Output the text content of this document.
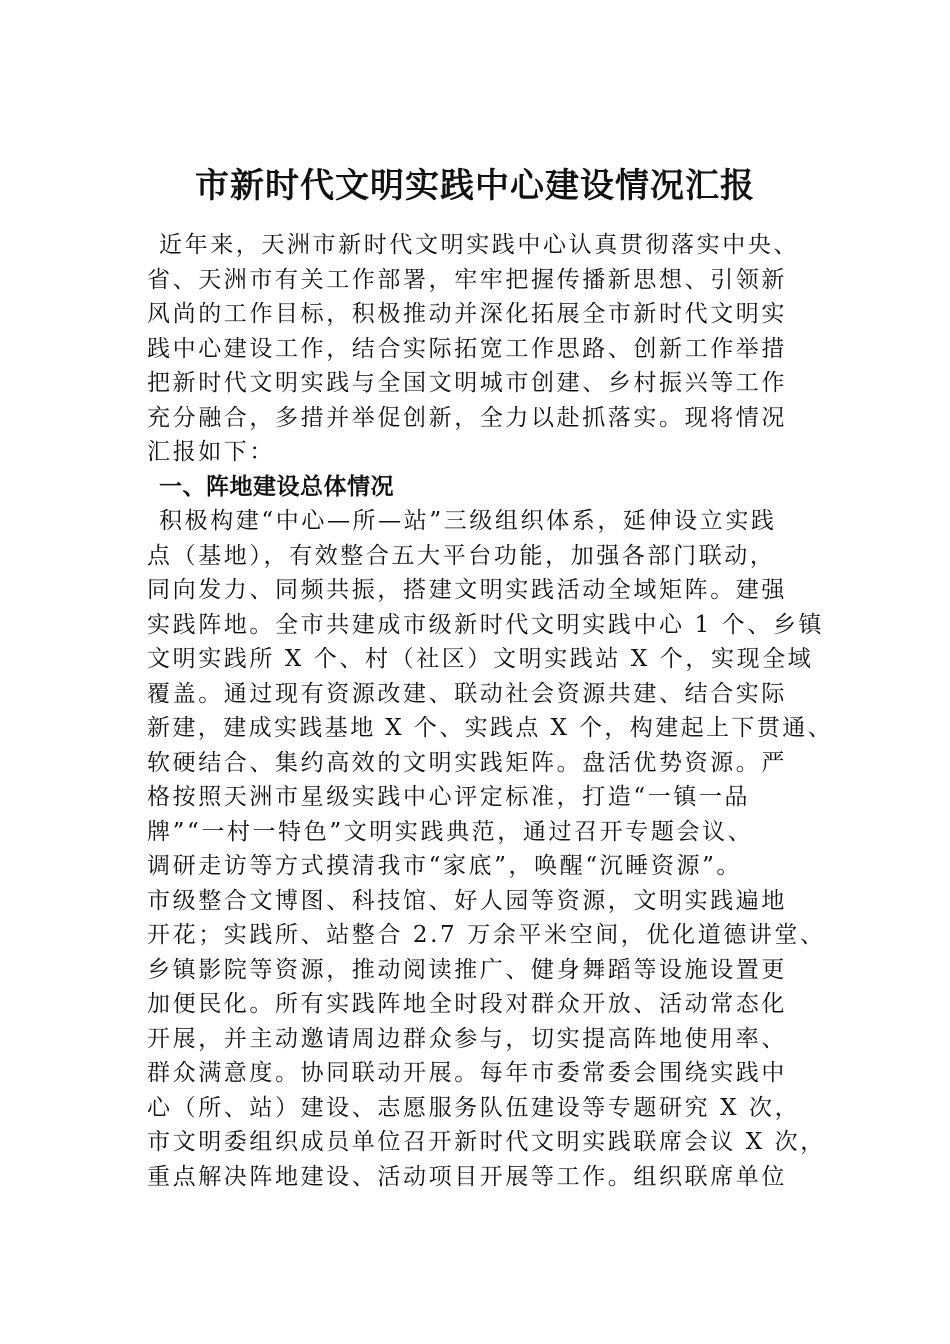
市新时代文明实践中心建设情况汇报
近年来，天洲市新时代文明实践中心认真贯彻落实中央、
省、天洲市有关工作部署，牢牢把握传播新思想、引领新
风尚的工作目标，积极推动并深化拓展全市新时代文明实
践中心建设工作，结合实际拓宽工作思路、创新工作举措
把新时代文明实践与全国文明城市创建、乡村振兴等工作
充分融合，多措并举促创新，全力以赴抓落实。现将情况
汇报如下：
一、阵地建设总体情况
积极构建“中心—所—站”三级组织体系，延伸设立实践
点（基地），有效整合五大平台功能，加强各部门联动，
同向发力、同频共振，搭建文明实践活动全域矩阵。建强
实践阵地。全市共建成市级新时代文明实践中心 1 个、乡镇
文明实践所 X 个、村（社区）文明实践站 X 个，实现全域
覆盖。通过现有资源改建、联动社会资源共建、结合实际
新建，建成实践基地 X 个、实践点 X 个，构建起上下贯通、
软硬结合、集约高效的文明实践矩阵。盘活优势资源。严
格按照天洲市星级实践中心评定标准，打造“一镇一品
牌”“一村一特色”文明实践典范，通过召开专题会议、
调研走访等方式摸清我市“家底”，唤醒“沉睡资源”。
市级整合文博图、科技馆、好人园等资源，文明实践遍地
开花；实践所、站整合 2.7 万余平米空间，优化道德讲堂、
乡镇影院等资源，推动阅读推广、健身舞蹈等设施设置更
加便民化。所有实践阵地全时段对群众开放、活动常态化
开展，并主动邀请周边群众参与，切实提高阵地使用率、
群众满意度。协同联动开展。每年市委常委会围绕实践中
心（所、站）建设、志愿服务队伍建设等专题研究 X 次，
市文明委组织成员单位召开新时代文明实践联席会议 X 次，
重点解决阵地建设、活动项目开展等工作。组织联席单位
